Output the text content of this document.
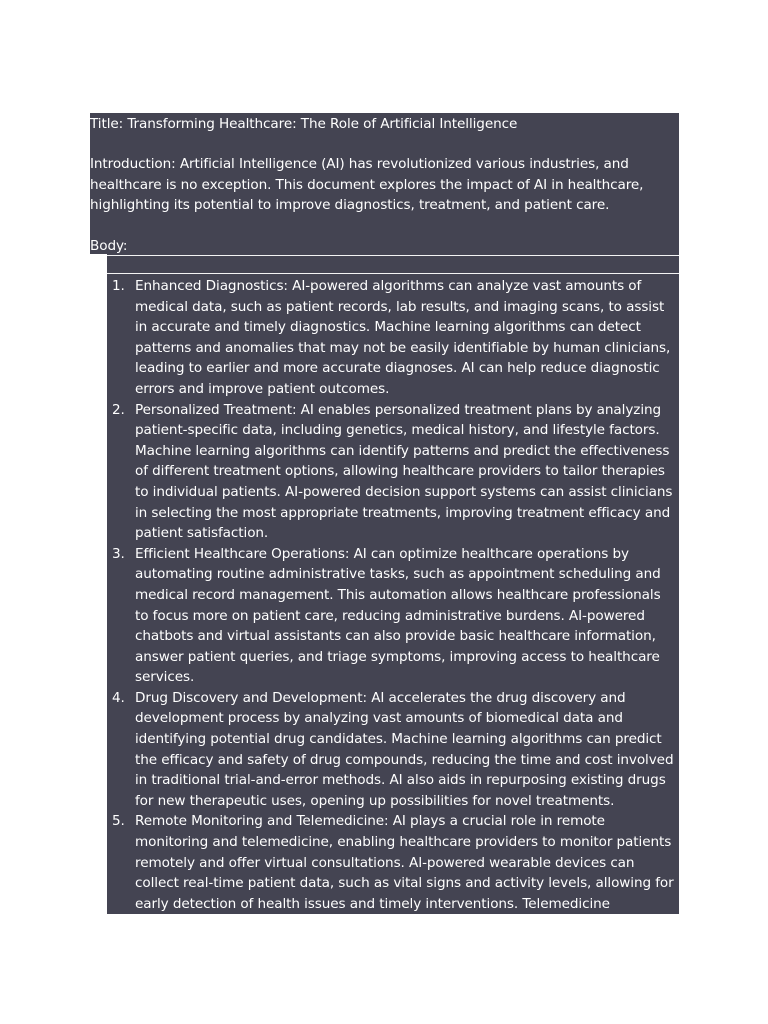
Title: Transforming Healthcare: The Role of Artificial Intelligence

Introduction: Artificial Intelligence (AI) has revolutionized various industries, and healthcare is no exception. This document explores the impact of AI in healthcare, highlighting its potential to improve diagnostics, treatment, and patient care.

Body:

1. Enhanced Diagnostics: AI-powered algorithms can analyze vast amounts of medical data, such as patient records, lab results, and imaging scans, to assist in accurate and timely diagnostics. Machine learning algorithms can detect patterns and anomalies that may not be easily identifiable by human clinicians, leading to earlier and more accurate diagnoses. AI can help reduce diagnostic errors and improve patient outcomes.

2. Personalized Treatment: AI enables personalized treatment plans by analyzing patient-specific data, including genetics, medical history, and lifestyle factors. Machine learning algorithms can identify patterns and predict the effectiveness of different treatment options, allowing healthcare providers to tailor therapies to individual patients. AI-powered decision support systems can assist clinicians in selecting the most appropriate treatments, improving treatment efficacy and patient satisfaction.

3. Efficient Healthcare Operations: AI can optimize healthcare operations by automating routine administrative tasks, such as appointment scheduling and medical record management. This automation allows healthcare professionals to focus more on patient care, reducing administrative burdens. AI-powered chatbots and virtual assistants can also provide basic healthcare information, answer patient queries, and triage symptoms, improving access to healthcare services.

4. Drug Discovery and Development: AI accelerates the drug discovery and development process by analyzing vast amounts of biomedical data and identifying potential drug candidates. Machine learning algorithms can predict the efficacy and safety of drug compounds, reducing the time and cost involved in traditional trial-and-error methods. AI also aids in repurposing existing drugs for new therapeutic uses, opening up possibilities for novel treatments.

5. Remote Monitoring and Telemedicine: AI plays a crucial role in remote monitoring and telemedicine, enabling healthcare providers to monitor patients remotely and offer virtual consultations. AI-powered wearable devices can collect real-time patient data, such as vital signs and activity levels, allowing for early detection of health issues and timely interventions. Telemedicine platforms
